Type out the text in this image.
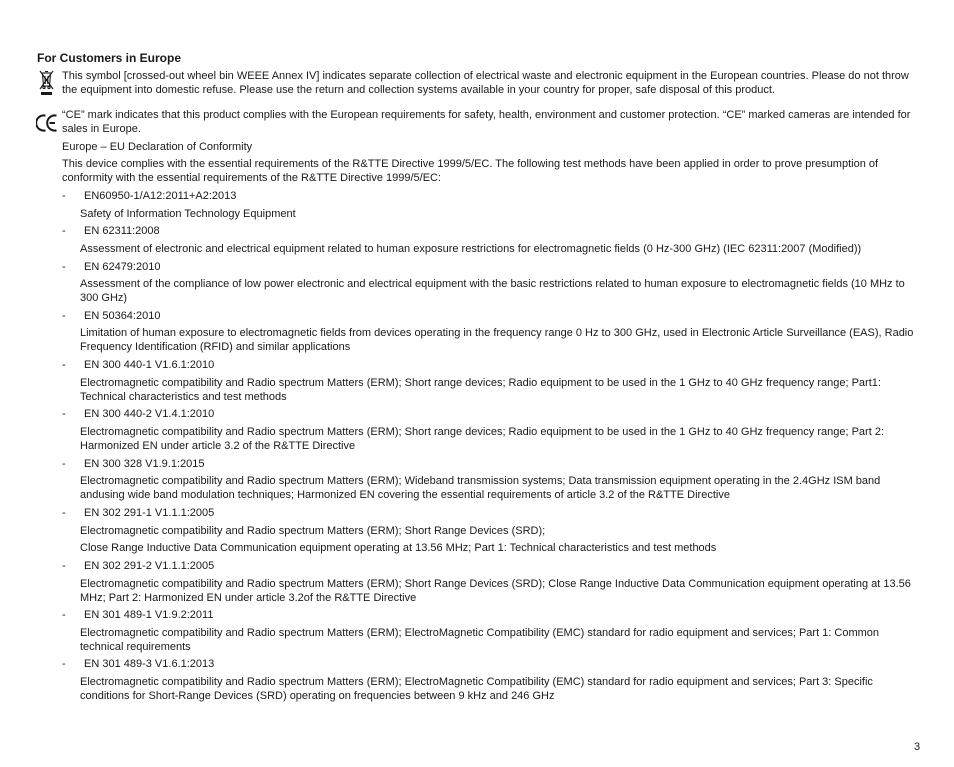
For Customers in Europe
This symbol [crossed-out wheel bin WEEE Annex IV] indicates separate collection of electrical waste and electronic equipment in the European countries. Please do not throw the equipment into domestic refuse. Please use the return and collection systems available in your country for proper, safe disposal of this product.
“CE” mark indicates that this product complies with the European requirements for safety, health, environment and customer protection. “CE” marked cameras are intended for sales in Europe.
Europe – EU Declaration of Conformity
This device complies with the essential requirements of the R&TTE Directive 1999/5/EC. The following test methods have been applied in order to prove presumption of conformity with the essential requirements of the R&TTE Directive 1999/5/EC:
- EN60950-1/A12:2011+A2:2013
Safety of Information Technology Equipment
- EN 62311:2008
Assessment of electronic and electrical equipment related to human exposure restrictions for electromagnetic fields (0 Hz-300 GHz) (IEC 62311:2007 (Modified))
- EN 62479:2010
Assessment of the compliance of low power electronic and electrical equipment with the basic restrictions related to human exposure to electromagnetic fields (10 MHz to 300 GHz)
- EN 50364:2010
Limitation of human exposure to electromagnetic fields from devices operating in the frequency range 0 Hz to 300 GHz, used in Electronic Article Surveillance (EAS), Radio Frequency Identification (RFID) and similar applications
- EN 300 440-1 V1.6.1:2010
Electromagnetic compatibility and Radio spectrum Matters (ERM); Short range devices; Radio equipment to be used in the 1 GHz to 40 GHz frequency range; Part1: Technical characteristics and test methods
- EN 300 440-2 V1.4.1:2010
Electromagnetic compatibility and Radio spectrum Matters (ERM); Short range devices; Radio equipment to be used in the 1 GHz to 40 GHz frequency range; Part 2: Harmonized EN under article 3.2 of the R&TTE Directive
- EN 300 328 V1.9.1:2015
Electromagnetic compatibility and Radio spectrum Matters (ERM); Wideband transmission systems; Data transmission equipment operating in the 2.4GHz ISM band andusing wide band modulation techniques; Harmonized EN covering the essential requirements of article 3.2 of the R&TTE Directive
- EN 302 291-1 V1.1.1:2005
Electromagnetic compatibility and Radio spectrum Matters (ERM); Short Range Devices (SRD);
Close Range Inductive Data Communication equipment operating at 13.56 MHz; Part 1: Technical characteristics and test methods
- EN 302 291-2 V1.1.1:2005
Electromagnetic compatibility and Radio spectrum Matters (ERM); Short Range Devices (SRD); Close Range Inductive Data Communication equipment operating at 13.56 MHz; Part 2: Harmonized EN under article 3.2of the R&TTE Directive
- EN 301 489-1 V1.9.2:2011
Electromagnetic compatibility and Radio spectrum Matters (ERM); ElectroMagnetic Compatibility (EMC) standard for radio equipment and services; Part 1: Common technical requirements
- EN 301 489-3 V1.6.1:2013
Electromagnetic compatibility and Radio spectrum Matters (ERM); ElectroMagnetic Compatibility (EMC) standard for radio equipment and services; Part 3: Specific conditions for Short-Range Devices (SRD) operating on frequencies between 9 kHz and 246 GHz
3
